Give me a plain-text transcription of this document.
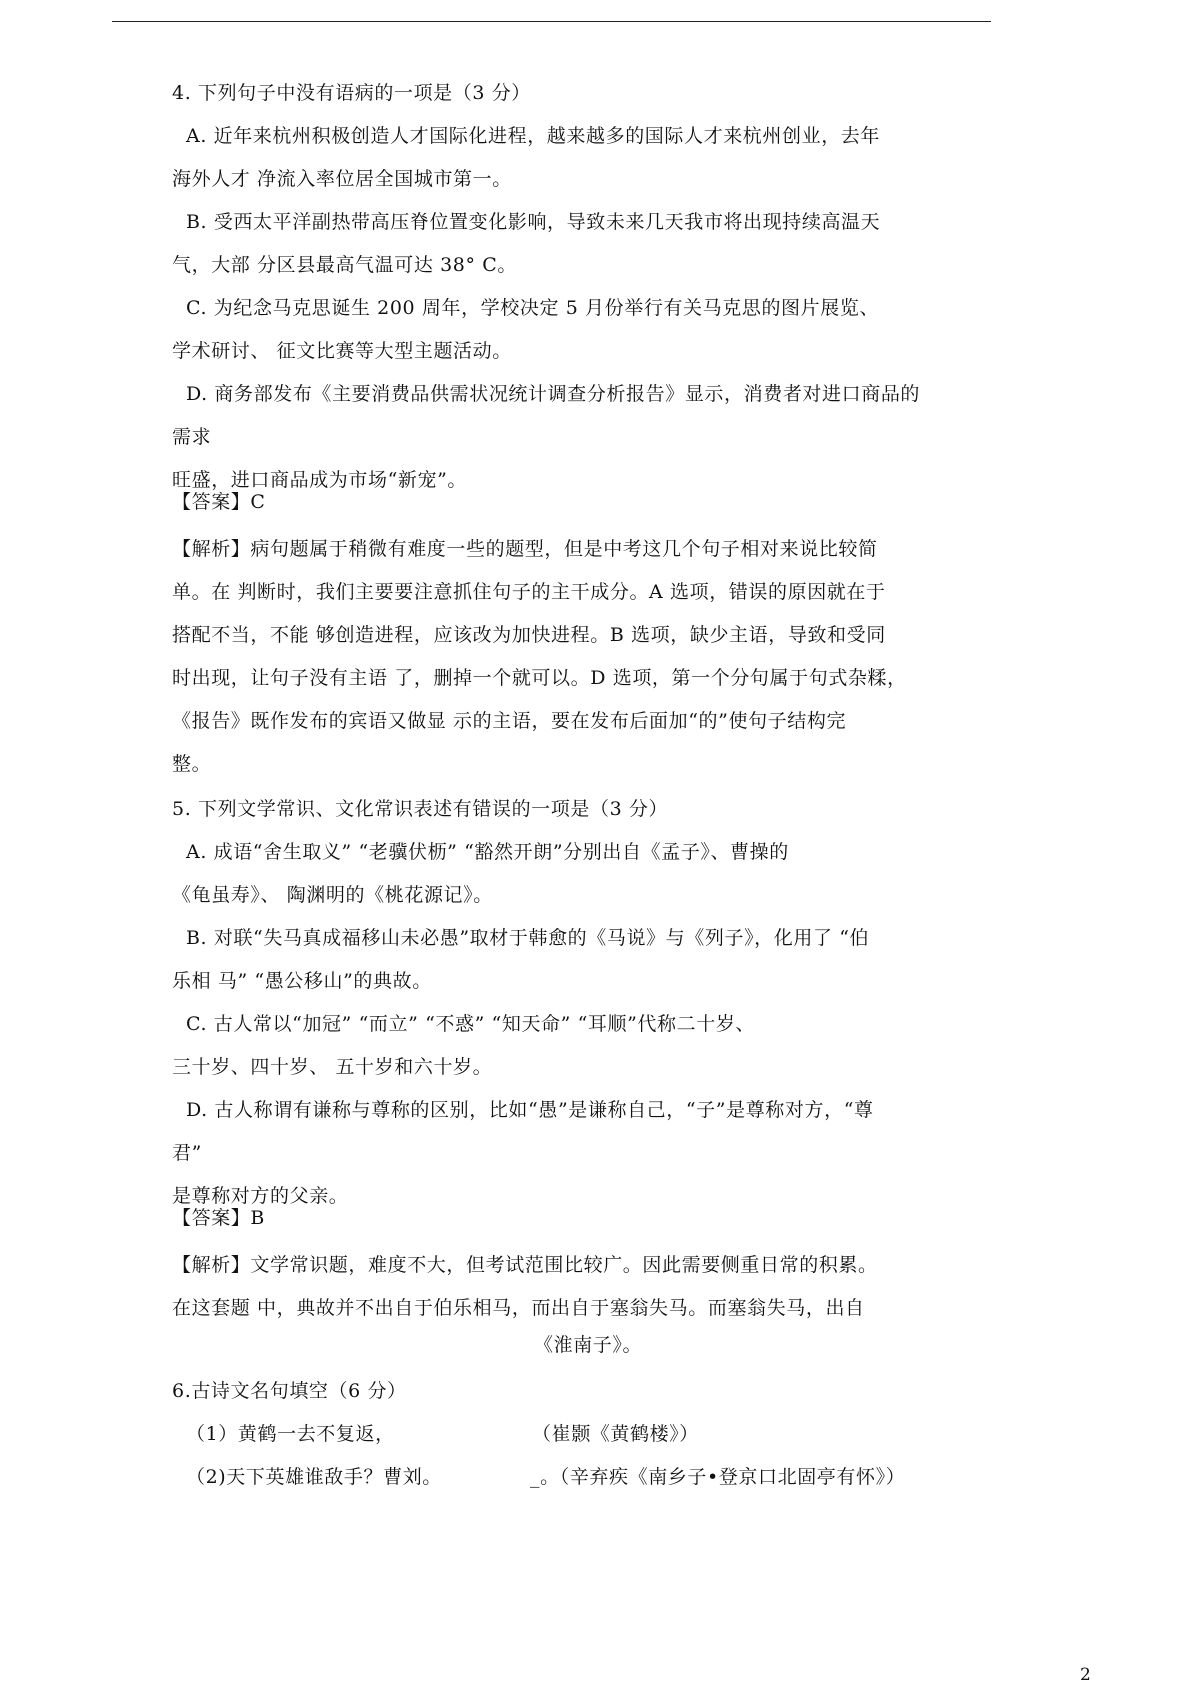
4. 下列句子中没有语病的一项是（3 分）
A. 近年来杭州积极创造人才国际化进程，越来越多的国际人才来杭州创业，去年
海外人才 净流入率位居全国城市第一。
B. 受西太平洋副热带高压脊位置变化影响，导致未来几天我市将出现持续高温天
气，大部 分区县最高气温可达 38° C。
C. 为纪念马克思诞生 200 周年，学校决定 5 月份举行有关马克思的图片展览、
学术研讨、 征文比赛等大型主题活动。
D. 商务部发布《主要消费品供需状况统计调查分析报告》显示，消费者对进口商品的
需求
旺盛，进口商品成为市场“新宠”。
【答案】C
【解析】病句题属于稍微有难度一些的题型，但是中考这几个句子相对来说比较简
单。在 判断时，我们主要要注意抓住句子的主干成分。A 选项，错误的原因就在于
搭配不当，不能 够创造进程，应该改为加快进程。B 选项，缺少主语，导致和受同
时出现，让句子没有主语 了，删掉一个就可以。D 选项，第一个分句属于句式杂糅，
《报告》既作发布的宾语又做显 示的主语，要在发布后面加“的”使句子结构完
整。
5. 下列文学常识、文化常识表述有错误的一项是（3 分）
A. 成语“舍生取义” “老骥伏枥” “豁然开朗”分别出自《孟子》、曹操的
《龟虽寿》、 陶渊明的《桃花源记》。
B. 对联“失马真成福移山未必愚”取材于韩愈的《马说》与《列子》，化用了 “伯
乐相 马” “愚公移山”的典故。
C. 古人常以“加冠” “而立” “不惑” “知天命” “耳顺”代称二十岁、
三十岁、四十岁、 五十岁和六十岁。
D. 古人称谓有谦称与尊称的区别，比如“愚”是谦称自己，“子”是尊称对方，“尊
君”
是尊称对方的父亲。
【答案】B
【解析】文学常识题，难度不大，但考试范围比较广。因此需要侧重日常的积累。
在这套题 中，典故并不出自于伯乐相马，而出自于塞翁失马。而塞翁失马，出自
《淮南子》。
6.古诗文名句填空（6 分）
（1）黄鹤一去不复返，	（崔颢《黄鹤楼》）
（2)天下英雄谁敌手？曹刘。	_。（辛弃疾《南乡子•登京口北固亭有怀》）
2
